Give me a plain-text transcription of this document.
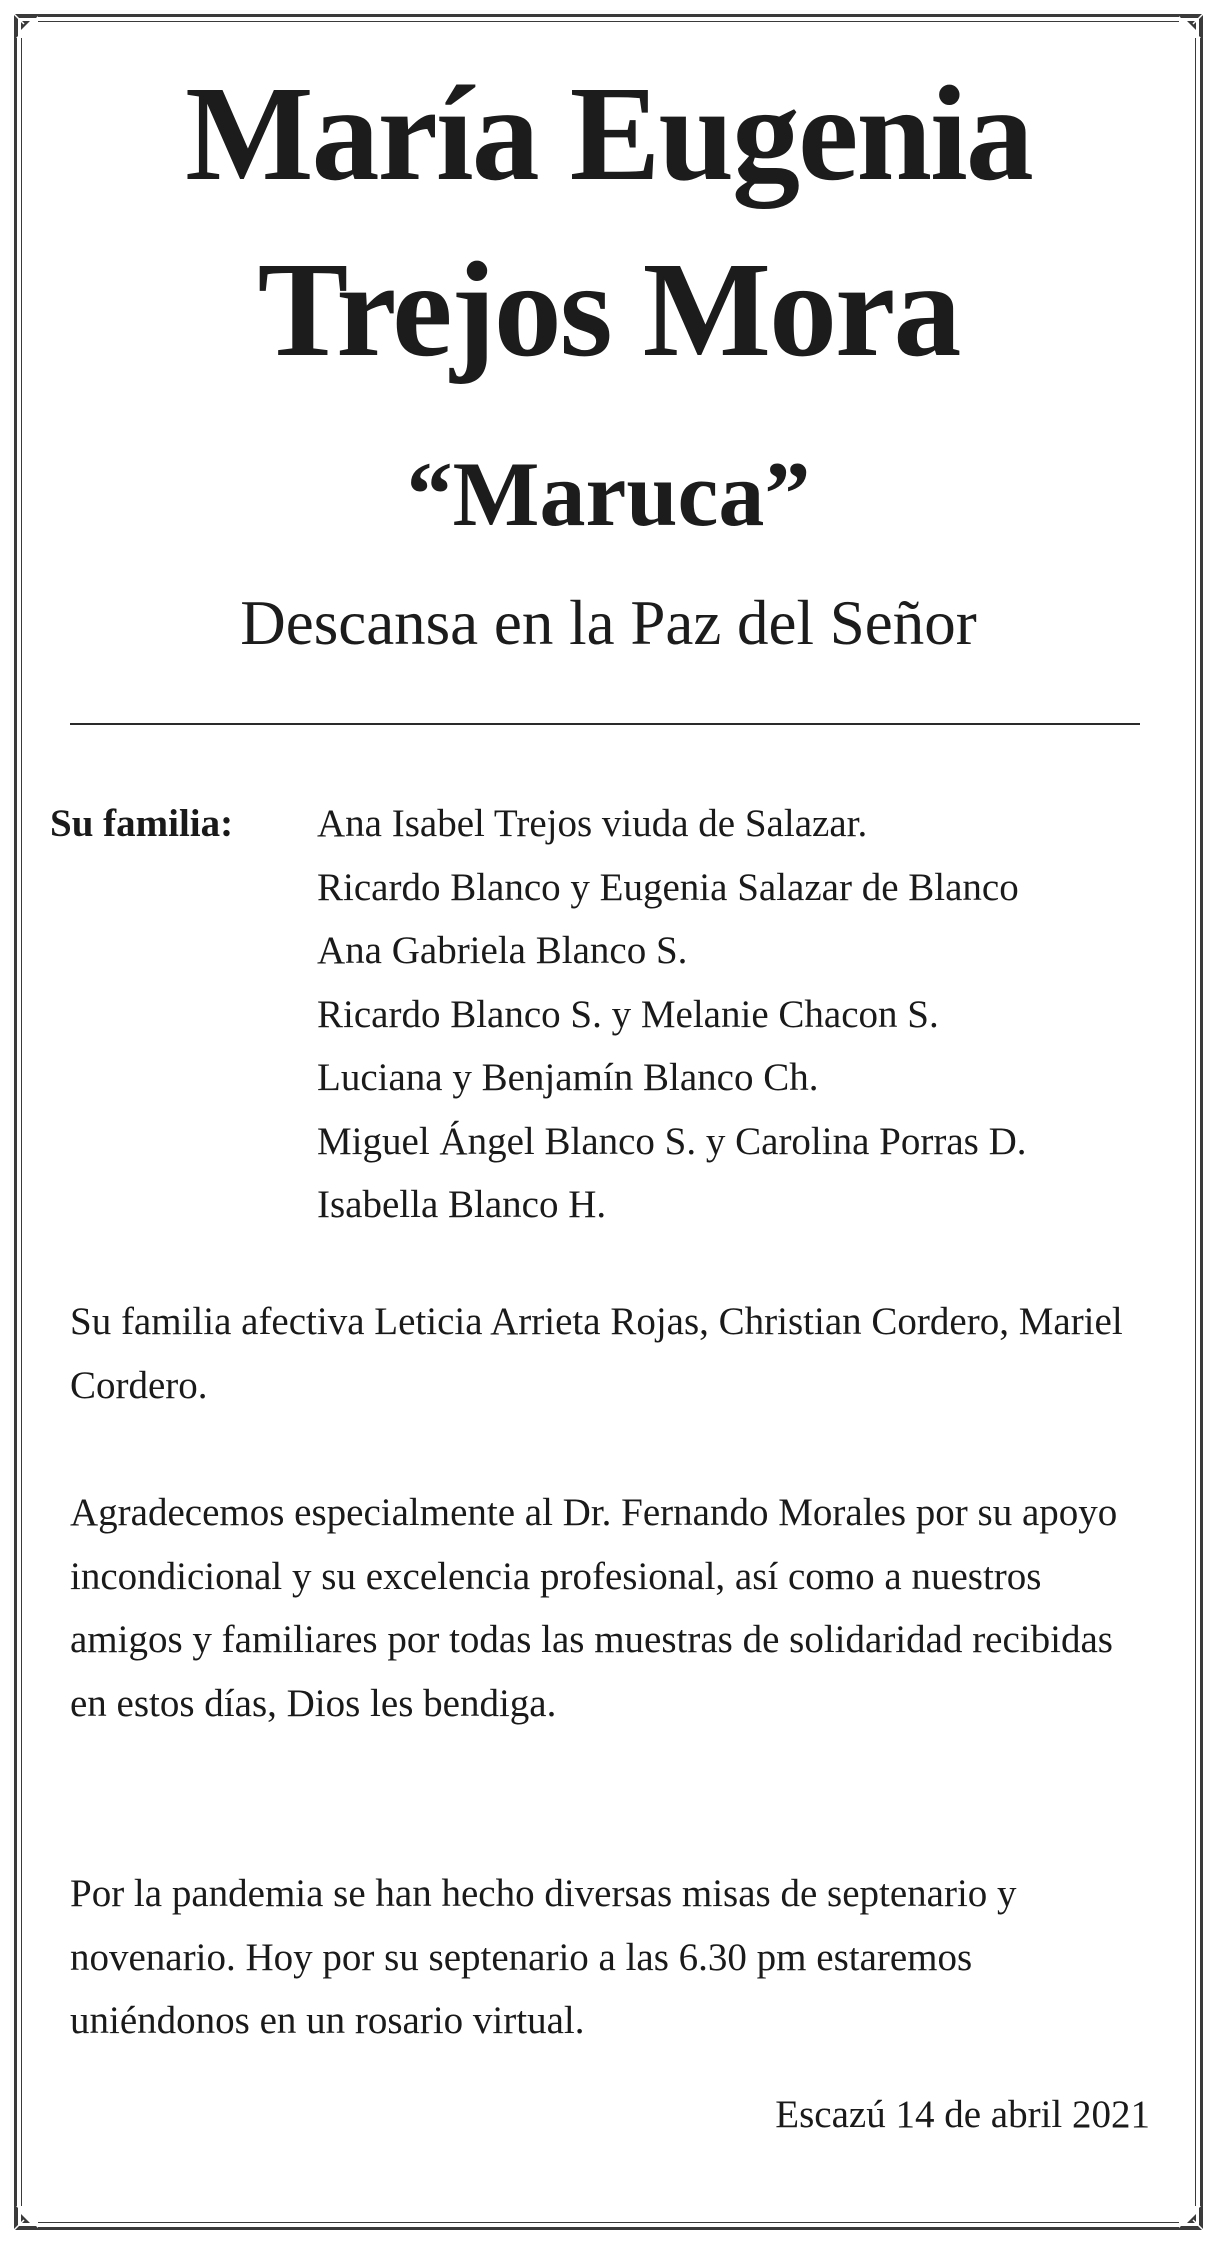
María Eugenia
Trejos Mora
“Maruca”
Descansa en la Paz del Señor
Su familia: Ana Isabel Trejos viuda de Salazar.
Ricardo Blanco y Eugenia Salazar de Blanco
Ana Gabriela Blanco S.
Ricardo Blanco S. y Melanie Chacon S.
Luciana y Benjamín Blanco Ch.
Miguel Ángel Blanco S. y Carolina Porras D.
Isabella Blanco H.

Su familia afectiva Leticia Arrieta Rojas, Christian Cordero, Mariel Cordero.

Agradecemos especialmente al Dr. Fernando Morales por su apoyo incondicional y su excelencia profesional, así como a nuestros amigos y familiares por todas las muestras de solidaridad recibidas en estos días, Dios les bendiga.

Por la pandemia se han hecho diversas misas de septenario y novenario. Hoy por su septenario a las 6.30 pm estaremos uniéndonos en un rosario virtual.

Escazú 14 de abril 2021
